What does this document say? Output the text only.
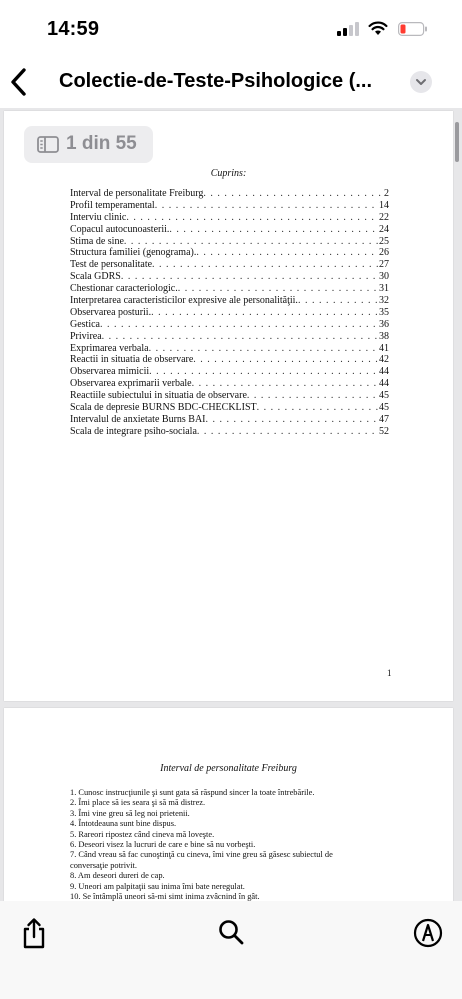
14:59
Colectie-de-Teste-Psihologice (...
Cuprins:
Interval de personalitate Freiburg . . .	2
Profil temperamental . . .	14
Interviu clinic . . .	22
Copacul autocunoasterii. . . .	24
Stima de sine . . .	25
Structura familiei (genograma). . . .	26
Test de personalitate . . .	27
Scala GDRS . . .	30
Chestionar caracteriologic. . . .	31
Interpretarea caracteristicilor expresive ale personalităţii. . . .	32
Observarea posturii. . . .	35
Gestica . . .	36
Privirea . . .	38
Exprimarea verbala . . .	41
Reactii in situatia de observare . . .	42
Observarea mimicii . . .	44
Observarea exprimarii verbale . . .	44
Reactiile subiectului in situatia de observare . . .	45
Scala de depresie BURNS BDC-CHECKLIST . . .	45
Intervalul de anxietate Burns BAI . . .	47
Scala de integrare psiho-sociala . . .	52
1
Interval de personalitate Freiburg
1. Cunosc instrucţiunile şi sunt gata să răspund sincer la toate întrebările.
2. Îmi place să ies seara şi să mă distrez.
3. Îmi vine greu să leg noi prietenii.
4. Întotdeauna sunt bine dispus.
5. Rareori ripostez când cineva mă loveşte.
6. Deseori visez la lucruri de care e bine să nu vorbeşti.
7. Când vreau să fac cunoştinţă cu cineva, îmi vine greu să găsesc subiectul de conversaţie potrivit.
8. Am deseori dureri de cap.
9. Uneori am palpitaţii sau inima îmi bate neregulat.
10. Se întâmplă uneori să-mi simt inima zvâcnind în gât.
1 din 55
